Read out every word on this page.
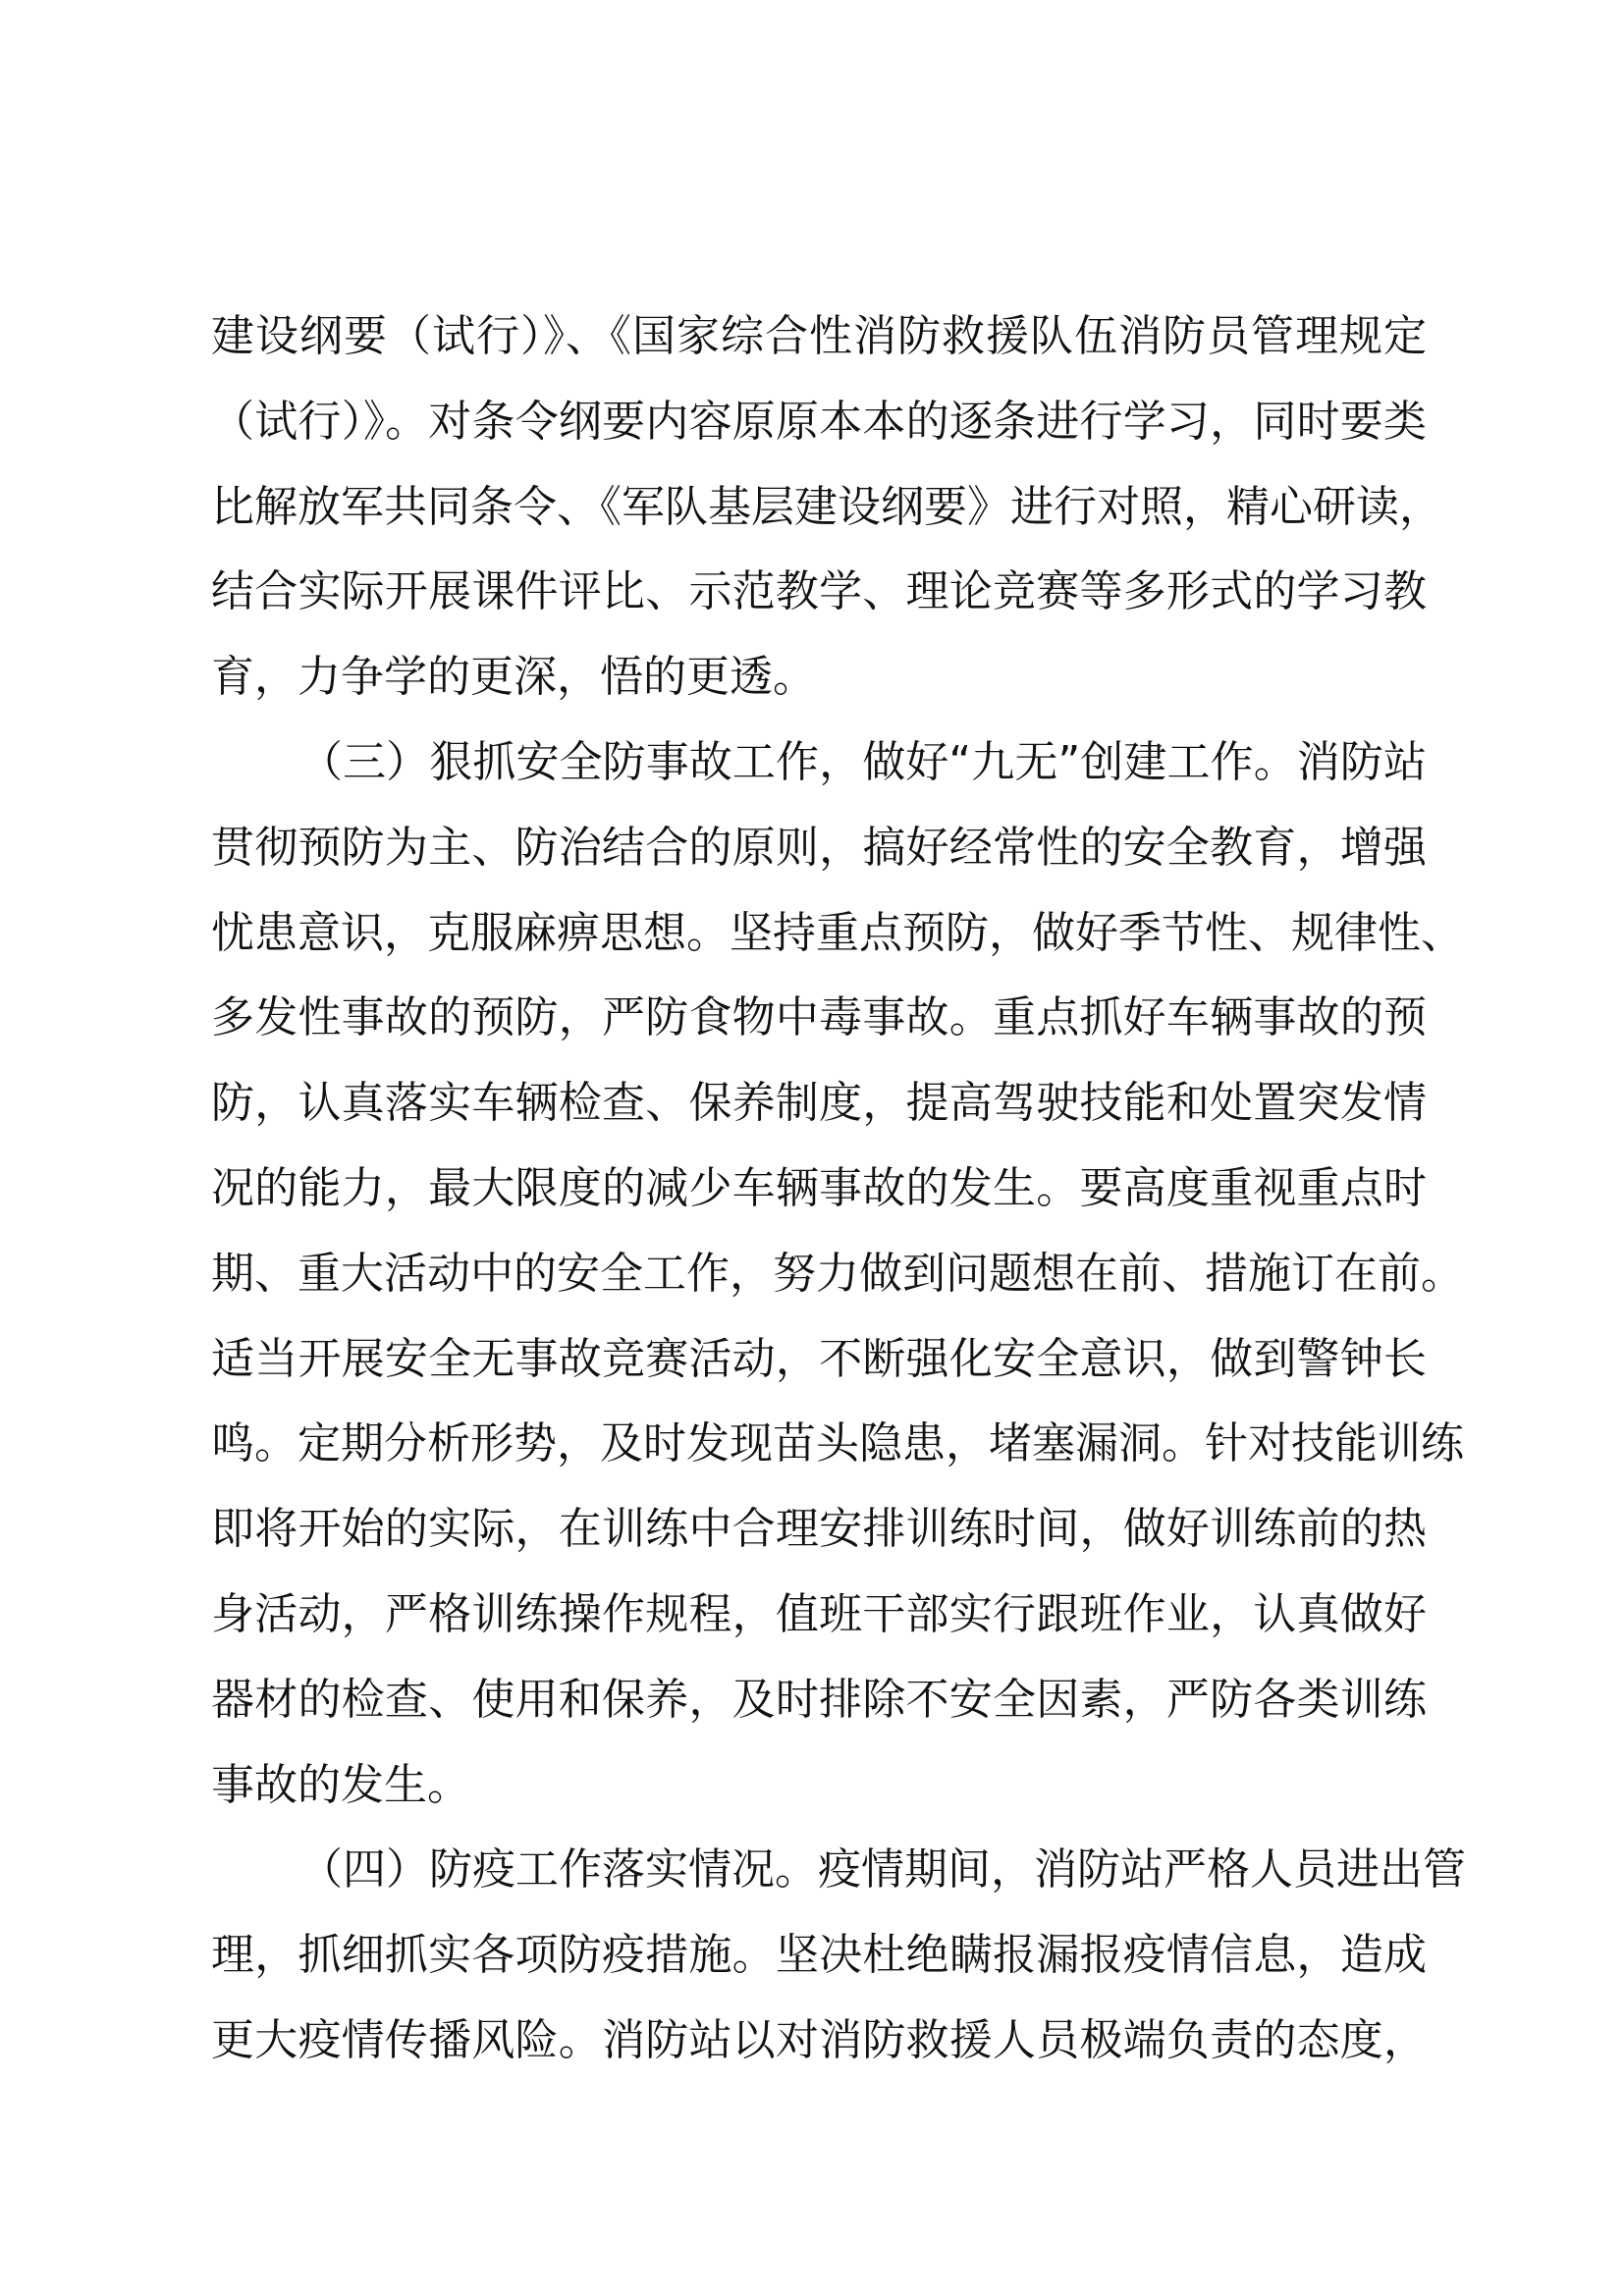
建设纲要（试行）》、《国家综合性消防救援队伍消防员管理规定
（试行）》。对条令纲要内容原原本本的逐条进行学习，同时要类
比解放军共同条令、《军队基层建设纲要》进行对照，精心研读，
结合实际开展课件评比、示范教学、理论竞赛等多形式的学习教
育，力争学的更深，悟的更透。
（三）狠抓安全防事故工作，做好“九无”创建工作。消防站
贯彻预防为主、防治结合的原则，搞好经常性的安全教育，增强
忧患意识，克服麻痹思想。坚持重点预防，做好季节性、规律性、
多发性事故的预防，严防食物中毒事故。重点抓好车辆事故的预
防，认真落实车辆检查、保养制度，提高驾驶技能和处置突发情
况的能力，最大限度的减少车辆事故的发生。要高度重视重点时
期、重大活动中的安全工作，努力做到问题想在前、措施订在前。
适当开展安全无事故竞赛活动，不断强化安全意识，做到警钟长
鸣。定期分析形势，及时发现苗头隐患，堵塞漏洞。针对技能训练
即将开始的实际，在训练中合理安排训练时间，做好训练前的热
身活动，严格训练操作规程，值班干部实行跟班作业，认真做好
器材的检查、使用和保养，及时排除不安全因素，严防各类训练
事故的发生。
（四）防疫工作落实情况。疫情期间，消防站严格人员进出管
理，抓细抓实各项防疫措施。坚决杜绝瞒报漏报疫情信息，造成
更大疫情传播风险。消防站以对消防救援人员极端负责的态度，
